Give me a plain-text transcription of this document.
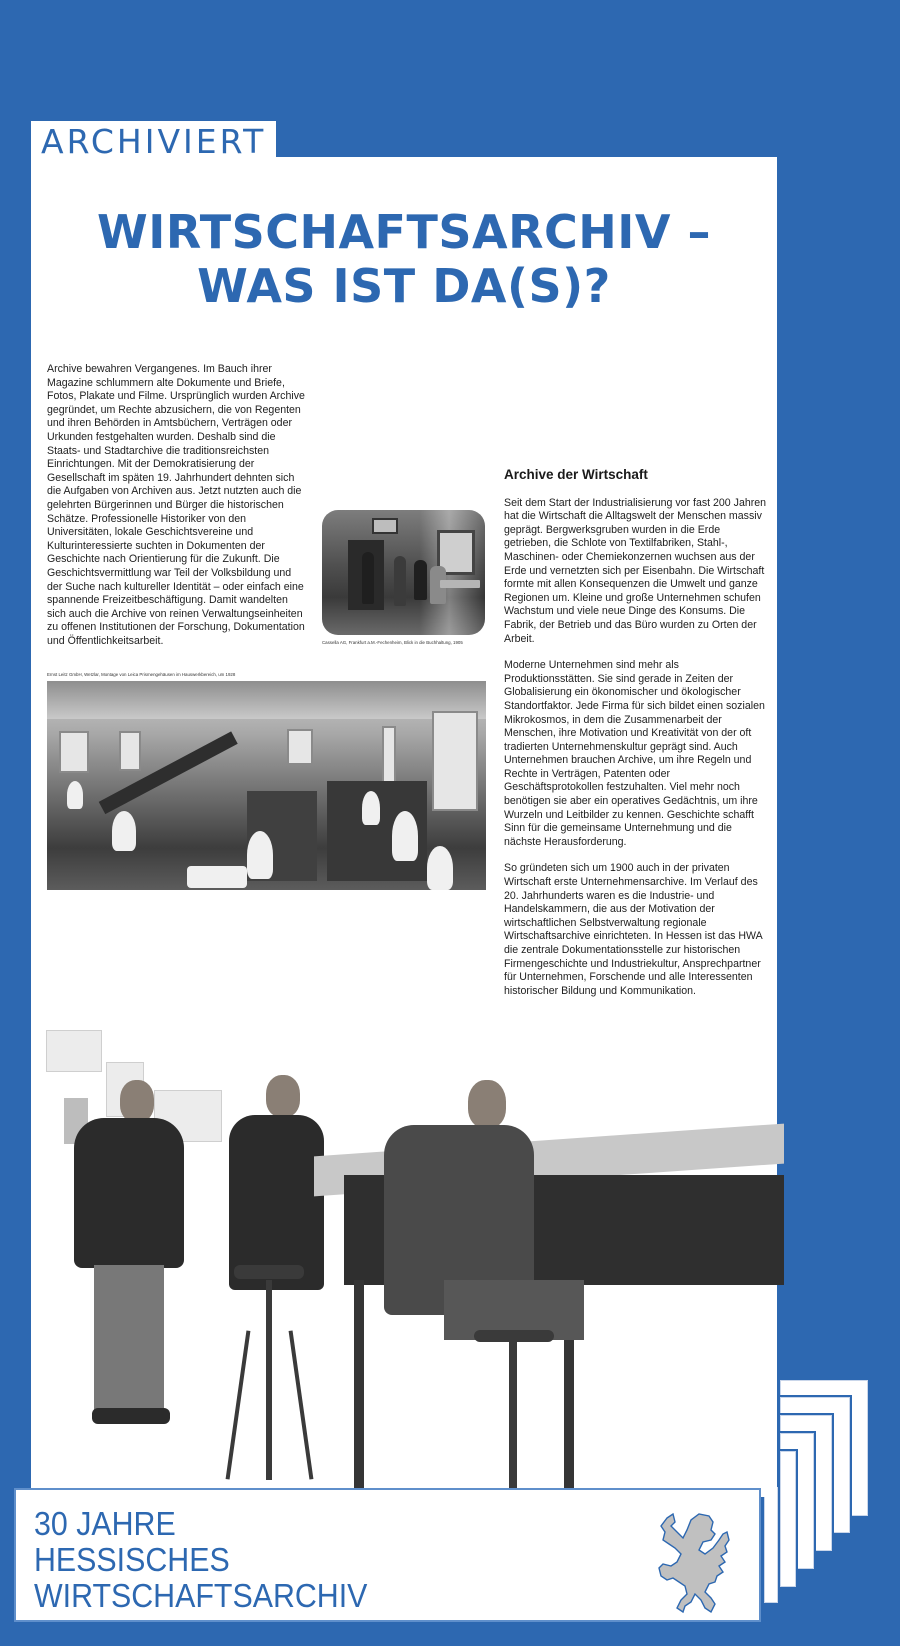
ARCHIVIERT
WIRTSCHAFTSARCHIV –
WAS IST DA(S)?
Archive bewahren Vergangenes. Im Bauch ihrer Magazine schlummern alte Dokumente und Briefe, Fotos, Plakate und Filme. Ursprünglich wurden Archive gegründet, um Rechte abzusichern, die von Regenten und ihren Behörden in Amtsbüchern, Verträgen oder Urkunden festgehalten wurden. Deshalb sind die Staats- und Stadtarchive die traditionsreichsten Einrichtungen. Mit der Demokratisierung der Gesellschaft im späten 19. Jahrhundert dehnten sich die Aufgaben von Archiven aus. Jetzt nutzten auch die gelehrten Bürgerinnen und Bürger die historischen Schätze. Professionelle Historiker von den Universitäten, lokale Geschichtsvereine und Kulturinteressierte suchten in Dokumenten der Geschichte nach Orientierung für die Zukunft. Die Geschichtsvermittlung war Teil der Volksbildung und der Suche nach kultureller Identität – oder einfach eine spannende Freizeitbeschäftigung. Damit wandelten sich auch die Archive von reinen Verwaltungseinheiten zu offenen Institutionen der Forschung, Dokumentation und Öffentlichkeitsarbeit.	Cassella AG, Frankfurt a.M.-Fechenheim, Blick in die Buchhaltung, 1905
Ernst Leitz GmbH, Wetzlar, Montage von Leica Prismengehäusen im Hauswerkbereich, um 1928
Archive der Wirtschaft

Seit dem Start der Industrialisierung vor fast 200 Jahren hat die Wirtschaft die Alltagswelt der Menschen massiv geprägt. Bergwerksgruben wurden in die Erde getrieben, die Schlote von Textilfabriken, Stahl-, Maschinen- oder Chemiekonzernen wuchsen aus der Erde und vernetzten sich per Eisenbahn. Die Wirtschaft formte mit allen Konsequenzen die Umwelt und ganze Regionen um. Kleine und große Unternehmen schufen Wachstum und viele neue Dinge des Konsums. Die Fabrik, der Betrieb und das Büro wurden zu Orten der Arbeit.

Moderne Unternehmen sind mehr als Produktionsstätten. Sie sind gerade in Zeiten der Globalisierung ein ökonomischer und ökologischer Standortfaktor. Jede Firma für sich bildet einen sozialen Mikrokosmos, in dem die Zusammenarbeit der Menschen, ihre Motivation und Kreativität von der oft tradierten Unternehmenskultur geprägt sind. Auch Unternehmen brauchen Archive, um ihre Regeln und Rechte in Verträgen, Patenten oder Geschäftsprotokollen festzuhalten. Viel mehr noch benötigen sie aber ein operatives Gedächtnis, um ihre Wurzeln und Leitbilder zu kennen. Geschichte schafft Sinn für die gemeinsame Unternehmung und die nächste Herausforderung.

So gründeten sich um 1900 auch in der privaten Wirtschaft erste Unternehmensarchive. Im Verlauf des 20. Jahrhunderts waren es die Industrie- und Handelskammern, die aus der Motivation der wirtschaftlichen Selbstverwaltung regionale Wirtschaftsarchive einrichteten. In Hessen ist das HWA die zentrale Dokumentationsstelle zur historischen Firmengeschichte und Industriekultur, Ansprechpartner für Unternehmen, Forschende und alle Interessenten historischer Bildung und Kommunikation.

30 JAHRE
HESSISCHES
WIRTSCHAFTSARCHIV
